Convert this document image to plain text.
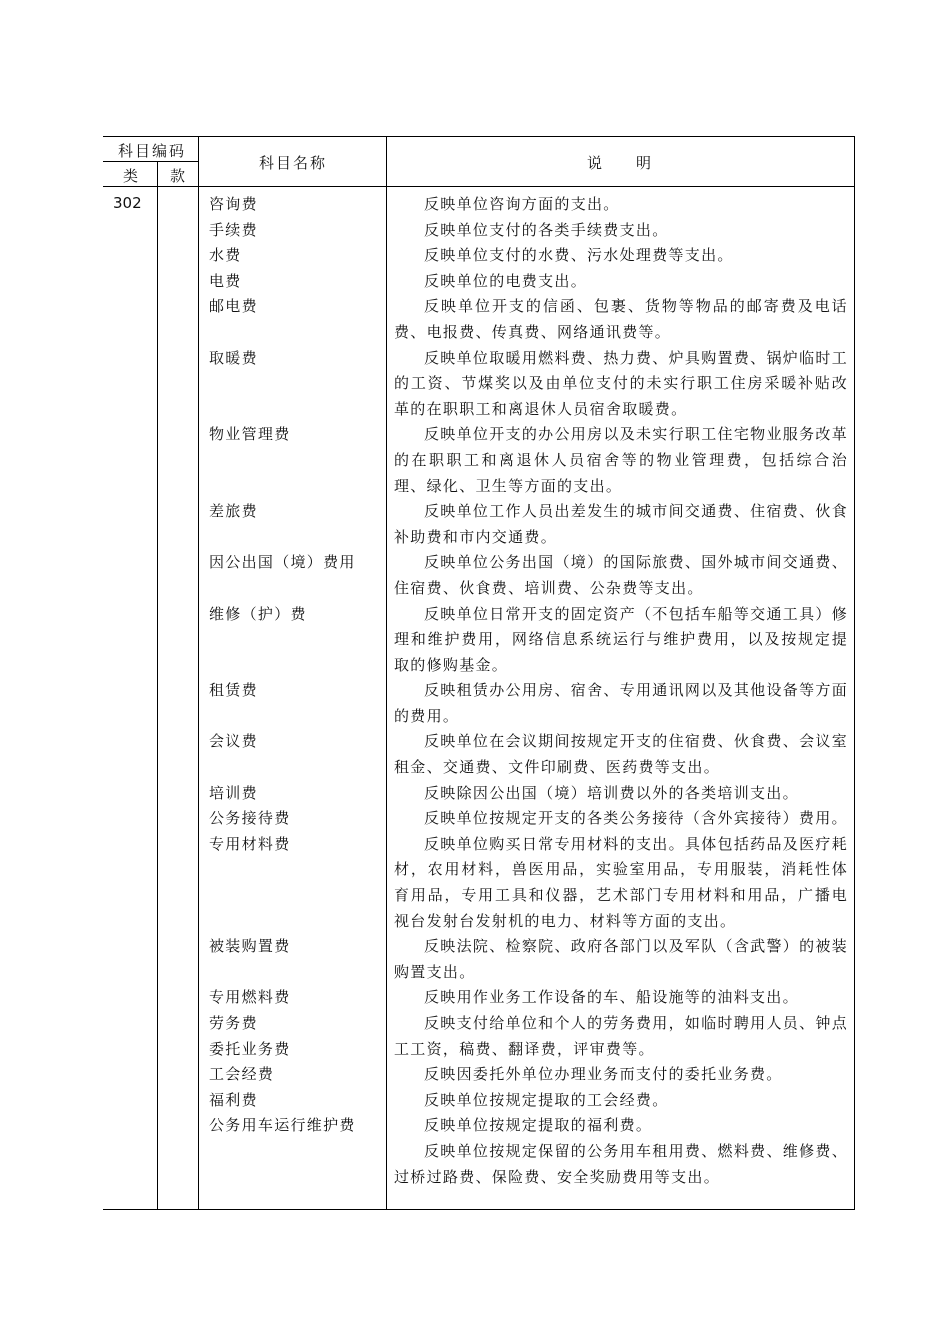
科目编码
类 款
科目名称	说 明
302	咨询费
手续费
水费
电费
邮电费

取暖费

物业管理费

差旅费

因公出国（境）费用

维修（护）费

租赁费

会议费

培训费
公务接待费
专用材料费

被装购置费

专用燃料费
劳务费
委托业务费
工会经费
福利费
公务用车运行维护费
反映单位咨询方面的支出。
反映单位支付的各类手续费支出。
反映单位支付的水费、污水处理费等支出。
反映单位的电费支出。
反映单位开支的信函、包裹、货物等物品的邮寄费及电话费、电报费、传真费、网络通讯费等。
反映单位取暖用燃料费、热力费、炉具购置费、锅炉临时工的工资、节煤奖以及由单位支付的未实行职工住房采暖补贴改革的在职职工和离退休人员宿舍取暖费。
反映单位开支的办公用房以及未实行职工住宅物业服务改革的在职职工和离退休人员宿舍等的物业管理费，包括综合治理、绿化、卫生等方面的支出。
反映单位工作人员出差发生的城市间交通费、住宿费、伙食补助费和市内交通费。
反映单位公务出国（境）的国际旅费、国外城市间交通费、住宿费、伙食费、培训费、公杂费等支出。
反映单位日常开支的固定资产（不包括车船等交通工具）修理和维护费用，网络信息系统运行与维护费用，以及按规定提取的修购基金。
反映租赁办公用房、宿舍、专用通讯网以及其他设备等方面的费用。
反映单位在会议期间按规定开支的住宿费、伙食费、会议室租金、交通费、文件印刷费、医药费等支出。
反映除因公出国（境）培训费以外的各类培训支出。
反映单位按规定开支的各类公务接待（含外宾接待）费用。
反映单位购买日常专用材料的支出。具体包括药品及医疗耗材，农用材料，兽医用品，实验室用品，专用服装，消耗性体育用品，专用工具和仪器，艺术部门专用材料和用品，广播电视台发射台发射机的电力、材料等方面的支出。
反映法院、检察院、政府各部门以及军队（含武警）的被装购置支出。
反映用作业务工作设备的车、船设施等的油料支出。
反映支付给单位和个人的劳务费用，如临时聘用人员、钟点工工资，稿费、翻译费，评审费等。
反映因委托外单位办理业务而支付的委托业务费。
反映单位按规定提取的工会经费。
反映单位按规定提取的福利费。
反映单位按规定保留的公务用车租用费、燃料费、维修费、过桥过路费、保险费、安全奖励费用等支出。
